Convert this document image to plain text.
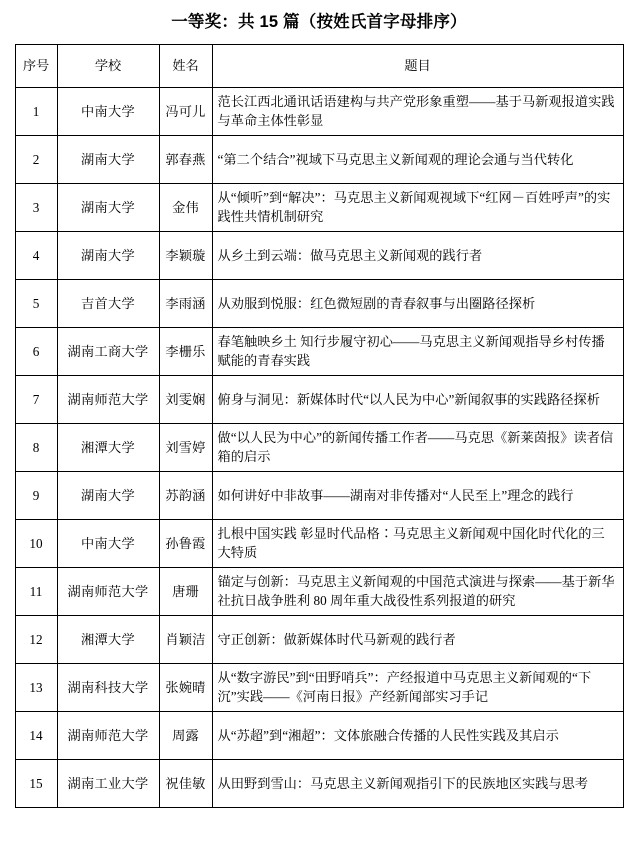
一等奖：共 15 篇（按姓氏首字母排序）
序号	学校	姓名	题目
1	中南大学	冯可儿	范长江西北通讯话语建构与共产党形象重塑——基于马新观报道实践与革命主体性彰显
2	湖南大学	郭春燕	“第二个结合”视域下马克思主义新闻观的理论会通与当代转化
3	湖南大学	金伟	从“倾听”到“解决”：马克思主义新闻观视域下“红网－百姓呼声”的实践性共情机制研究
4	湖南大学	李颖璇	从乡土到云端：做马克思主义新闻观的践行者
5	吉首大学	李雨涵	从劝服到悦服：红色微短剧的青春叙事与出圈路径探析
6	湖南工商大学	李栅乐	春笔触映乡土 知行步履守初心——马克思主义新闻观指导乡村传播赋能的青春实践
7	湖南师范大学	刘雯娴	俯身与洞见：新媒体时代“以人民为中心”新闻叙事的实践路径探析
8	湘潭大学	刘雪婷	做“以人民为中心”的新闻传播工作者——马克思《新莱茵报》读者信箱的启示
9	湖南大学	苏韵涵	如何讲好中非故事——湖南对非传播对“人民至上”理念的践行
10	中南大学	孙鲁霞	扎根中国实践 彰显时代品格∶马克思主义新闻观中国化时代化的三大特质
11	湖南师范大学	唐珊	锚定与创新：马克思主义新闻观的中国范式演进与探索——基于新华社抗日战争胜利 80 周年重大战役性系列报道的研究
12	湘潭大学	肖颖洁	守正创新：做新媒体时代马新观的践行者
13	湖南科技大学	张婉晴	从“数字游民”到“田野哨兵”：产经报道中马克思主义新闻观的“下沉”实践——《河南日报》产经新闻部实习手记
14	湖南师范大学	周露	从“苏超”到“湘超”：文体旅融合传播的人民性实践及其启示
15	湖南工业大学	祝佳敏	从田野到雪山：马克思主义新闻观指引下的民族地区实践与思考
